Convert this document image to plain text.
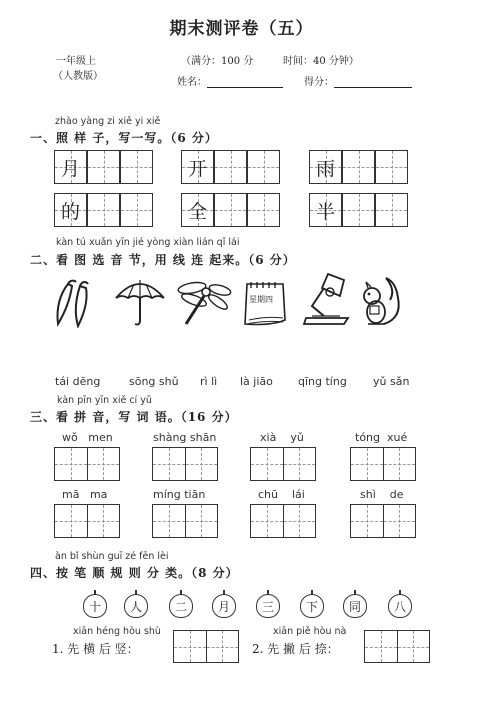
期末测评卷（五）
一年级上
（人教版）
（满分：100 分	时间：40 分钟）
姓名：	得分：
zhào yàng zi xiě yi xiě
一、照 样 子，写一写。（6 分）
月	开	雨
的	全	半
kàn tú xuǎn yīn jié yòng xiàn lián qǐ lái
二、看 图 选 音 节，用 线 连 起来。（6 分）
星期四
tái dēng	sōng shǔ rì lì là jiāo qīng tíng yǔ sǎn
kàn pīn yīn xiě cí yǔ
三、看 拼 音，写 词 语。（16 分）
wǒ men	shàng shān	xià yǔ	tóng xué
mā ma	míng tiān	chū lái	shì de
àn bǐ shùn guī zé fēn lèi
四、按 笔 顺 规 则 分 类。（8 分）
十	人	二	月	三	下	同	八
xiān héng hòu shù
1. 先 横 后 竖：
xiān piě hòu nà
2. 先 撇 后 捺：
